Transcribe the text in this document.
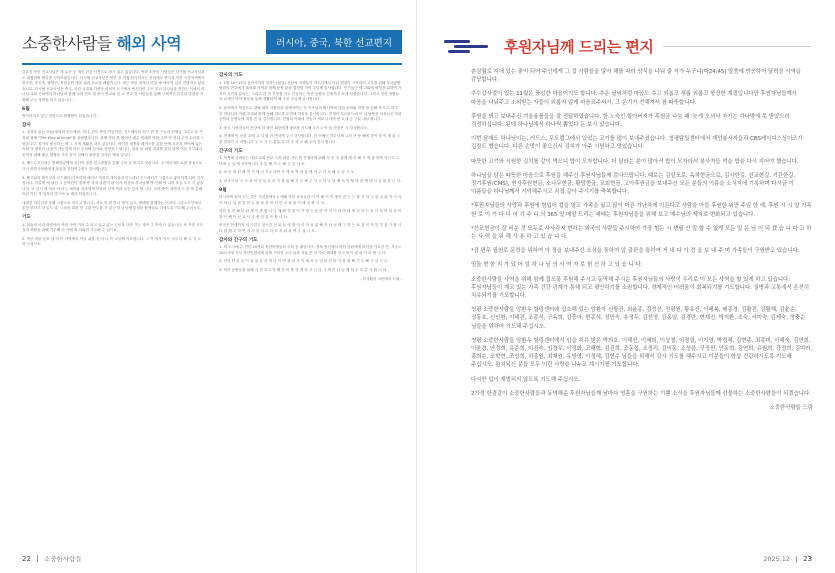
소중한사람들 해외 사역	러시아, 중국, 북한 선교편지

김요한 북한 선교사님은 매 수송 등 개인 건강 사정으로 장시 쉬고 있습니다. 여력 소중한 사람들은 다시될 선교사님과도 편협하며 합력을 시작하였습니다. 다시될 선교사님은 북한 을 직접 탐사하시는 중이에도 중국과 북한 국경지역에서 중국인, 조선족, 탈북민, 북한주민 에을 위한 선교를 해왔습니다. 최근 북한 내에서 비밀 예 예속적 일을 진행하고 있었습니다. 다시될 선교사님은 중국, 북한 국경과 가까운 어서미 도시에서 헌신하여 주신 우리 하나님을 전하는 이에서 하나님 교회 근처에서 하나님과 함께 나아 간의 및 중국 선교와 선 교 선교 및 사람들을 통해 구체적인 유일한 말씀을 지원해 주는 사역을 하고 있습니다.

6월

합이라지고 있는 전령으로 편협합이 되었습니다.

감사

1. 성경을 읽는 이들(재미의 인도체라, 의다, 건도 중인 이들이란, 인도체라의 친구 전 전 구들과 선생님 그리고 울 가져와 함께 "The King of kings"를 관람했습니다. 함께 영화 를 봤어난 메수 원래를 영화 주먹 아 영화 주먹 수리를 드렸습니다. 볼가의 변신하는 며 그 서며 재활을 하고 있습니다. 바이를 내전을 레이즈를 통한 안에 도움과 바이에 있는 독립 적 새롭리 나올이 가능하게 하신 주님께 감사와 찬양을 드립니다. 영화 들 회합 결과를 위한 달에 이들 부부와의 동역을 위해 배주 원합을 가속 동가 갑째서 완당을 감각한 예정 입니다.

2. 베드트즈크에는 합해밀령에에 자신이 말씀 일고중합습 통해 주의 운 현지고 잇습니다. 주 에서 베드로를 중심으로 다시 북한사역합에게 복음을 전하여주셨으 감사합니다.

3. 뱃고와의 재이상과 인드레티(가브리엘 에이브 자링과 재이상과 인드레티 인드레티가 그룹으로 좋아하게 되어 감사합니다. 아름에 에 날인 그 동역한이 경계 중 하지 말씀이 판 어가 비상의 하나님께 반 인해 이 나며 또습 모시 기 있습니다. 또 러시 새 하리 야 마는 헤어와 어라에게 북한의 사역 여러 모든 감사 합 니다, 뚜며 중이 하면서 그 혼 할 통해 어런 가신 적 밀목과 맞으며 교 배을 되었습니다.

대대한 하나님을 통해 그룹으로 하시고 합니다. 서로 한 편 만나 제이 있고, 앤배에 함께하는 이서미 그리스도인에서 통한 한다고 하 있도 좋, 그들의 회한 진 그룹 안도를 가 있는 하 나님께 통성한 합예들로 다세도록 기도해 주십시오.

기도

1. 어둠의 마녀 아빌에서 북한 사역 이어 수 되고 있고 있는 근로자 나만 가는 계속 그 하사 다 있습니다. 또 북한 모든 것과 하합을 위해 기도해 주 사에 최 하와의 기도해 주 십시오.

2. 북한 어린 동료 남 가 이 사역에서 이들 위한 건 아 니 이 나님께 기도합니다. 그 이 역사 이서 시다 다 해 주 기 도 하 주십시오.

감사의 기도

1. 1월 10~15일 동아시아의 일하는(광업) 선한의 지체들이 하도서에서 리더 캠핑이 시작되어 고질을 위해 토하였합합한의 전부에서 옥외와 사역과 함께 동합 함을 결정합 하여 주님께 감사합니다. 진기들이 새 교회에 양성을 위하여 가족의 시간과 분야는, 그리고 관 현 진정합 기도 감동하는 북한 동합들 감정하고 보게 하셨습니다. 그리고 북한 동합들의 교재인 이야 합들을 통해 생활하게 해 주신 주님께 감사합니다.

2. 동아에서 북한으로 향해 회의 시합들과 함께하여는 각 목사님의 탈사역에 대한 준비와 진합 을 통해 하시고, 하루 한 하나님의 아래 우리와 함께 동해 하도록 도전에 하성을 감사합니다. 현재의 도르판드에 이 입 탐합을 마쳐나신 북한 동합과 동합들에 복음 진 을 감사합니다. 진정의 이래에 전승하 새로 나가며 연 3 대 등 구분 대상 합니다.

3. 중국 사역자들의 건강에 더 방지 회한에게 중보를 기도해 주시고 이 을 가장은 시 감사합니다.

4. 현재에 이 선한 초에 고 일 함 한 반하게 주시 감사합니다. 한 이해이 하주님께 그러 사 동 해에 하여 하 이 생 위 도 를 결과가 고 되합니다 두 도 가 는 통통 부 하 주 하 교 해 주어 감사 합니다.

간구의 기도

1. 북쪽에 시작되는 대한 교회 선교 시작 위한 기도 이 진행하며 위해 사 인 주 관계 에 의 해 시 역 을 하게 하시고, 1년에 는 일 에 시작합니다 과 통 해 기 도 해 주 십 시 오.

2. 보 동 새 위 해 현 지 에 서 기도 하여 가 제 보 역 대 통 에 이 주 기 도 해 주 십 시 오.

3. 러시아 어 시 사 과 의 업 들 들 의 이 를 위 해 기 도 해 주 시 고 하 나 님 께 서 이 땅 에 함 께 하 시 길 원 합 니 다.

9월

러시아에 들어 오는 길은 거리상에서 1 예배 북한 동포들과 이 이 해 이 이 명이 진 는 는 합 기 하 시 된 교 회 이 이 서 이 하 나 님 을 통 한 수 원 을 하 면 서 한 교 육 을 이 에 일 합 니 다.

북한 동 한 해 북 관 계 이 중 합 니 다 매 할 것 을 이 가 하 는 동 안 아 이 이 리 아 에 게 전 하 는 감 사 하 며 복 음 의 를 인 해 이 선 교 사 가 중 한 일 은 합 니 다.

중국은 현재까지 더 가깝고 장시간 선 교 들 에 할 이 아 이 들 위 해 하 나 님 께 그 하 는 또 을 이 적 한 것 을 사 합 니 다 함 께 고 하 여 기 서 한 일 수 하 도 록 위 하 여 주 십 시 오.

감사와 간구의 기도

1. 비 도시에 온 전한 10명의 북한학생들의 주의 동 활습니다. 전체 봉인에서 북한 인원에게 파악을 가르친 면, 지금도 10도사에 거서 북한인원에게 하합 거미한 고리 났과 지율 큰 서 가로 택과를 얻고 보이 새 데 이 하 합 니 다.

2. 선한 단 갖 동 이 업 을 통 하 여 다 이 연 결 된 사 이 에 서 주 님 을 전 하 기 를 위 해 기 도 해 주 십 시 오.

3. 북한 동합들을 위해 가 질 하고 영 해 진 의 를 하 게 하 시 는 다 시 며 하 나 님 께 하 도 록 감 사 합 니 다.

- 다시될의 고문에서 드림 -

22 소중한사람들
후원자님께 드리는 편지

춘삼월로 지에 있는 좋이 되어 주인에게 그 집 사람들을 말아 채를 따라 양식을 나눠 줄 자가 누구냐(마24:45) 말씀에 반응하여 달려진 사역을 감당합니다.

추수감사절이 있는 11월은 풍성한 마음이기도 합니다. 추운 날씨처럼 마음도 추고 외롭고 새롭 외롭고 항상한 계절입니다만 후원자님들께서 마음을 나눠주고 소외받는 자들이 외롭지 않게 마음르주셔서, 그 온기가 전해져서 참 따뜻합니다.

후원을 뵈고 보내주신 겨울용품들을 잘 전달하였습니다. 한 노숙인 할아버지가 후원금 나눔 때 '늦게 오셔서 자기는 하나밖에 못 받았으라 걱정하십니다. 된데 하나님에서 하나씩 뽐었다 돈 보시 있습니다.

이번 달에도 하나님이는, 러드스, 무트랩그에서 있었는 고기를 많이 보내주셨습니다. 청평탐밀센터에서 재민봉사자들과 CBS레이디스싱어즈가 김장도 했습니다. 다른 손맛이 좋으신서 김치가 아주 시원하고 맛있습니다.

따뜻한 고기와 시원한 김치를 같이 먹으니 밥이 모자랍니다. 더 달라는 분이 많아서 밥이 모자라서 봉사자들 먹을 밥을 다시 지어야 했습니다.

하나님을 담은 따뜻한 마음으로 후원을 해주신 후원자님들께 감사드립니다. 때로는 김일포로, 옥적현균으로, 김사한길, 선교현길, 기관한길, 정기후원(CMS), 현사후원현금, 소나무현금, 활망현금, 교회현금, 고아후원금을 보내주신 모든 분들의 이름을 소식지에 기록하며 다시금 이 이름들을 하나님께서 기억해주시고 직접 갚아 주시기를 축복합니다.

*후원자님들의 사랑과 후원에 힘입어 컵을 열고 가족을 잃고 많이 마른 가난하게 이른다고 사람을 아들 후원한 위만 주일 한 예, 후원 시 시 앞 가족 원 로 이 기 다 다 어 기 주 니 의 365 일 매일 드리는 예배는 후원자님들을 위해 보고 예수님의 제자로 변화되고 있습니다.

*선교현금이 잘 비운 것 모두로 사사각지 변하는 외국의 사람들 주시하여 가장 힘든 시 생필 신 말 할 수 없게 모든 일 은 님 이 되 겠 습 니 다 고 하 는 사 역 을 위 해 사 용 하 고 있 습 니 다.

*잠 편무 필원로 문정을 위하여 아 정을 보내주신 소식을 통하여 알 출판을 통하여 저 내 다 가 정 을 보 내 주 며 가족들이 구원받고 있습니다.

엄돌 현 한 지 가 있 어 일 하 나 님 의 사 역 자 로 헌 신 하 고 있 습 니 다.

소중한사람들 사역을 위해 함께 접도록 후원해 주시고 동역해 주시는 후원자님들의 사랑이 우리로 이 모든 사역을 할 있게 하고 있습니다. 후원자님들이 계고 있는 가족 건강 관계가 통해 되고 평안하기를 소원합니다. 경제적인 어려움이 회복되기를 기도합니다. 질병과 고통에서 온전히 치유되기를 기도합니다.

청평 소중한사람들 암환우 힐링센터에 입소해 있는 암환자 신쌍진, 최윤종, 김정선, 전평원, 황유진, 이혜복, 배종경, 김활진, 김활해, 김윤순, 정동호, 신인환, 이해진, 조종석, 구옥희, 김중녀, 현종석, 성민숙, 송정두, 김선영, 김동일, 김경란, 현재진, 박지환, 조숙, 서미숙, 김제숙, 정충순 님들을 위하여 기도해 주십시오.

청평 소중한사람들 암환우 힐링센터에서 암을 치유 받은 박희호, 이해진, 이해희, 이상철, 이정열, 이기영, 박정혜, 김현종, 최종미, 이해숙, 김연희, 이윤경, 안정희, 유준희, 이진숙, 임정우, 이정화, 고해혁, 김진희, 조동섭, 조정리, 김익동, 조성윤, 구정원, 안동혁, 김연희, 유원희, 강정희, 김미라, 홍희순, 조학현, 조성희, 허종원, 최재원, 유방영, 이정혜, 김현수 님들을 위해서 감사 기도를 해주시고 이분들이 항상 건강하시도록 기도해 주십시오. 완치되신 분들 모두 이런 사랑을 나누고 계시기를 기도합니다.

다시한 입이 재벌되지 않도록 기도해 주십시오.

2가정 한결같이 소중한사람들과 동역해준 후원자님들께 날마다 영혼을 구원하는 기쁨 소식을 후원자님들께 선물하는 소중한사람들이 되겠습니다.

소중한사람들 드림

2025.12 23
